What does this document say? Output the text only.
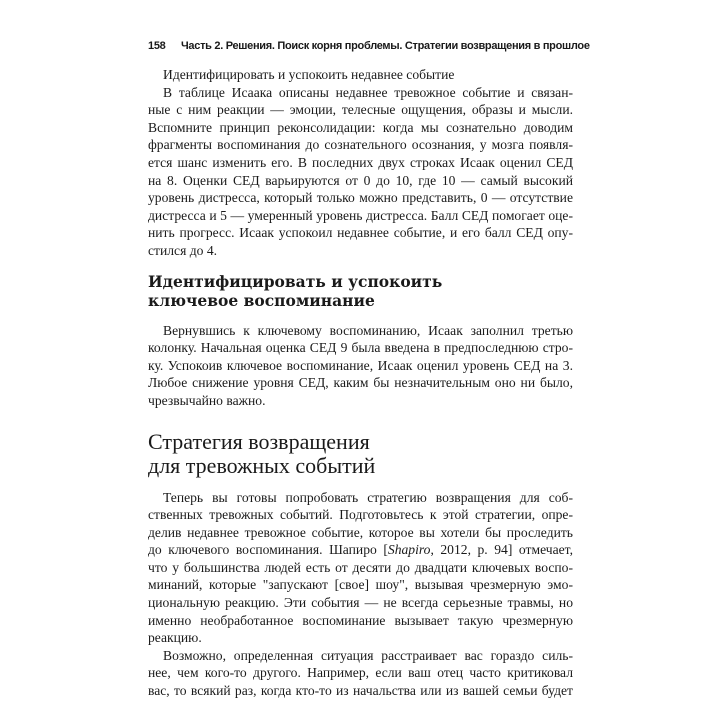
158 Часть 2. Решения. Поиск корня проблемы. Стратегии возвращения в прошлое
Идентифицировать и успокоить недавнее событие
В таблице Исаака описаны недавнее тревожное событие и связан-
ные с ним реакции — эмоции, телесные ощущения, образы и мысли.
Вспомните принцип реконсолидации: когда мы сознательно доводим
фрагменты воспоминания до сознательного осознания, у мозга появля-
ется шанс изменить его. В последних двух строках Исаак оценил СЕД
на 8. Оценки СЕД варьируются от 0 до 10, где 10 — самый высокий
уровень дистресса, который только можно представить, 0 — отсутствие
дистресса и 5 — умеренный уровень дистресса. Балл СЕД помогает оце-
нить прогресс. Исаак успокоил недавнее событие, и его балл СЕД опу-
стился до 4.
Идентифицировать и успокоить
ключевое воспоминание
Вернувшись к ключевому воспоминанию, Исаак заполнил третью
колонку. Начальная оценка СЕД 9 была введена в предпоследнюю стро-
ку. Успокоив ключевое воспоминание, Исаак оценил уровень СЕД на 3.
Любое снижение уровня СЕД, каким бы незначительным оно ни было,
чрезвычайно важно.
Стратегия возвращения
для тревожных событий
Теперь вы готовы попробовать стратегию возвращения для соб-
ственных тревожных событий. Подготовьтесь к этой стратегии, опре-
делив недавнее тревожное событие, которое вы хотели бы проследить
до ключевого воспоминания. Шапиро [Shapiro, 2012, p. 94] отмечает,
что у большинства людей есть от десяти до двадцати ключевых воспо-
минаний, которые "запускают [свое] шоу", вызывая чрезмерную эмо-
циональную реакцию. Эти события — не всегда серьезные травмы, но
именно необработанное воспоминание вызывает такую чрезмерную
реакцию.
Возможно, определенная ситуация расстраивает вас гораздо силь-
нее, чем кого-то другого. Например, если ваш отец часто критиковал
вас, то всякий раз, когда кто-то из начальства или из вашей семьи будет
